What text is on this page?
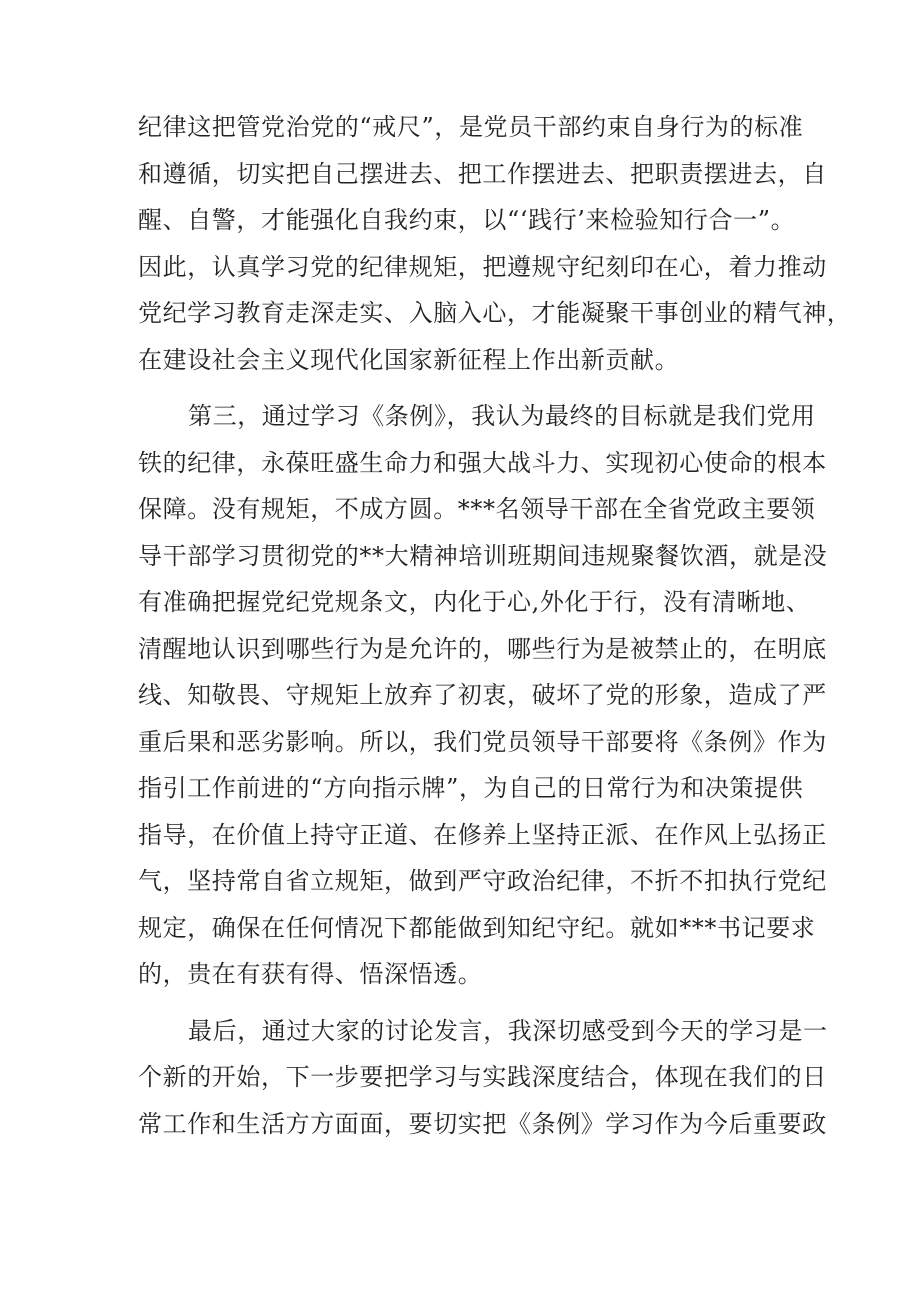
纪律这把管党治党的“戒尺”，是党员干部约束自身行为的标准
和遵循，切实把自己摆进去、把工作摆进去、把职责摆进去，自
醒、自警，才能强化自我约束，以“‘践行’来检验知行合一”。
因此，认真学习党的纪律规矩，把遵规守纪刻印在心，着力推动
党纪学习教育走深走实、入脑入心，才能凝聚干事创业的精气神，
在建设社会主义现代化国家新征程上作出新贡献。
第三，通过学习《条例》，我认为最终的目标就是我们党用
铁的纪律，永葆旺盛生命力和强大战斗力、实现初心使命的根本
保障。没有规矩，不成方圆。***名领导干部在全省党政主要领
导干部学习贯彻党的**大精神培训班期间违规聚餐饮酒，就是没
有准确把握党纪党规条文，内化于心,外化于行，没有清晰地、
清醒地认识到哪些行为是允许的，哪些行为是被禁止的，在明底
线、知敬畏、守规矩上放弃了初衷，破坏了党的形象，造成了严
重后果和恶劣影响。所以，我们党员领导干部要将《条例》作为
指引工作前进的“方向指示牌”，为自己的日常行为和决策提供
指导，在价值上持守正道、在修养上坚持正派、在作风上弘扬正
气，坚持常自省立规矩，做到严守政治纪律，不折不扣执行党纪
规定，确保在任何情况下都能做到知纪守纪。就如***书记要求
的，贵在有获有得、悟深悟透。
最后，通过大家的讨论发言，我深切感受到今天的学习是一
个新的开始，下一步要把学习与实践深度结合，体现在我们的日
常工作和生活方方面面，要切实把《条例》学习作为今后重要政
